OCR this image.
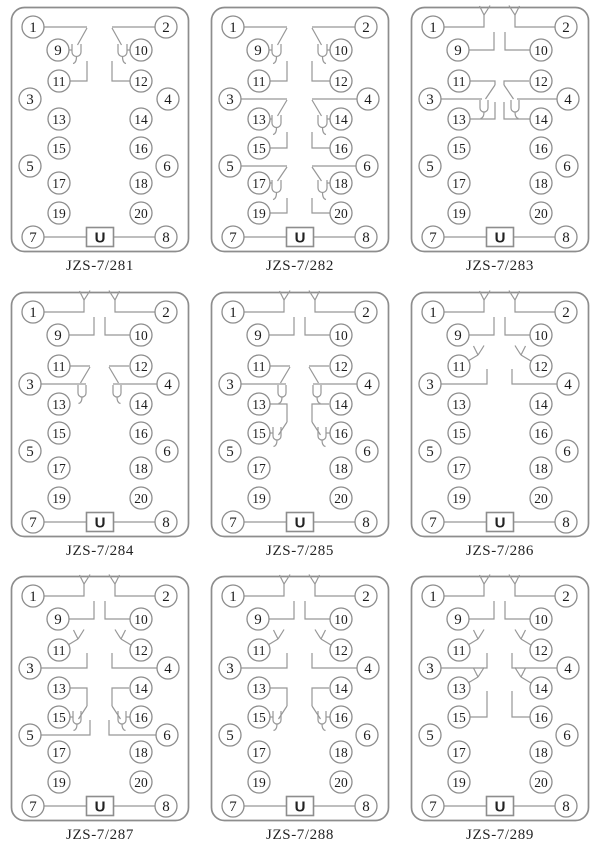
1	2
3	4
5	6
7	8
9	10
11	12
13	14
15	16
17	18
19	20
U
JZS-7/281
1	2
3	4
5	6
7	8
9	10
11	12
13	14
15	16
17	18
19	20
U
JZS-7/282
1	2
3	4
5	6
7	8
9	10
11	12
13	14
15	16
17	18
19	20
U
JZS-7/283
1	2
3	4
5	6
7	8
9	10
11	12
13	14
15	16
17	18
19	20
U
JZS-7/284
1	2
3	4
5	6
7	8
9	10
11	12
13	14
15	16
17	18
19	20
U
JZS-7/285
1	2
3	4
5	6
7	8
9	10
11	12
13	14
15	16
17	18
19	20
U
JZS-7/286
1	2
3	4
5	6
7	8
9	10
11	12
13	14
15	16
17	18
19	20
U
JZS-7/287
1	2
3	4
5	6
7	8
9	10
11	12
13	14
15	16
17	18
19	20
U
JZS-7/288
1	2
3	4
5	6
7	8
9	10
11	12
13	14
15	16
17	18
19	20
U
JZS-7/289
